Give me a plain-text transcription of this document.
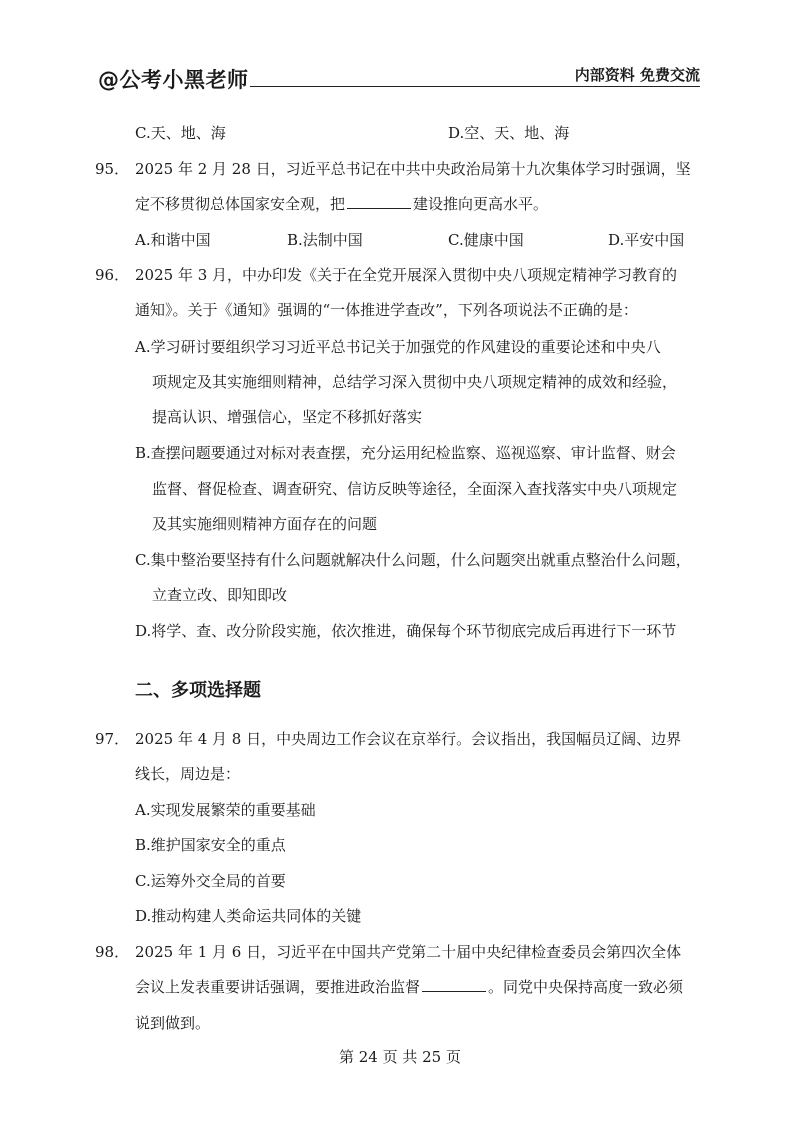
@公考小黑老师	内部资料 免费交流
C.天、地、海	D.空、天、地、海
95． 2025 年 2 月 28 日，习近平总书记在中共中央政治局第十九次集体学习时强调，坚
定不移贯彻总体国家安全观，把	建设推向更高水平。
A.和谐中国	B.法制中国	C.健康中国	D.平安中国
96． 2025 年 3 月，中办印发《关于在全党开展深入贯彻中央八项规定精神学习教育的
通知》。关于《通知》强调的“一体推进学查改”，下列各项说法不正确的是：
A.学习研讨要组织学习习近平总书记关于加强党的作风建设的重要论述和中央八
项规定及其实施细则精神，总结学习深入贯彻中央八项规定精神的成效和经验，
提高认识、增强信心，坚定不移抓好落实
B.查摆问题要通过对标对表查摆，充分运用纪检监察、巡视巡察、审计监督、财会
监督、督促检查、调查研究、信访反映等途径，全面深入查找落实中央八项规定
及其实施细则精神方面存在的问题
C.集中整治要坚持有什么问题就解决什么问题，什么问题突出就重点整治什么问题，
立查立改、即知即改
D.将学、查、改分阶段实施，依次推进，确保每个环节彻底完成后再进行下一环节
二、多项选择题
97． 2025 年 4 月 8 日，中央周边工作会议在京举行。会议指出，我国幅员辽阔、边界
线长，周边是：
A.实现发展繁荣的重要基础
B.维护国家安全的重点
C.运筹外交全局的首要
D.推动构建人类命运共同体的关键
98． 2025 年 1 月 6 日，习近平在中国共产党第二十届中央纪律检查委员会第四次全体
会议上发表重要讲话强调，要推进政治监督	。同党中央保持高度一致必须
说到做到。
第 24 页 共 25 页
